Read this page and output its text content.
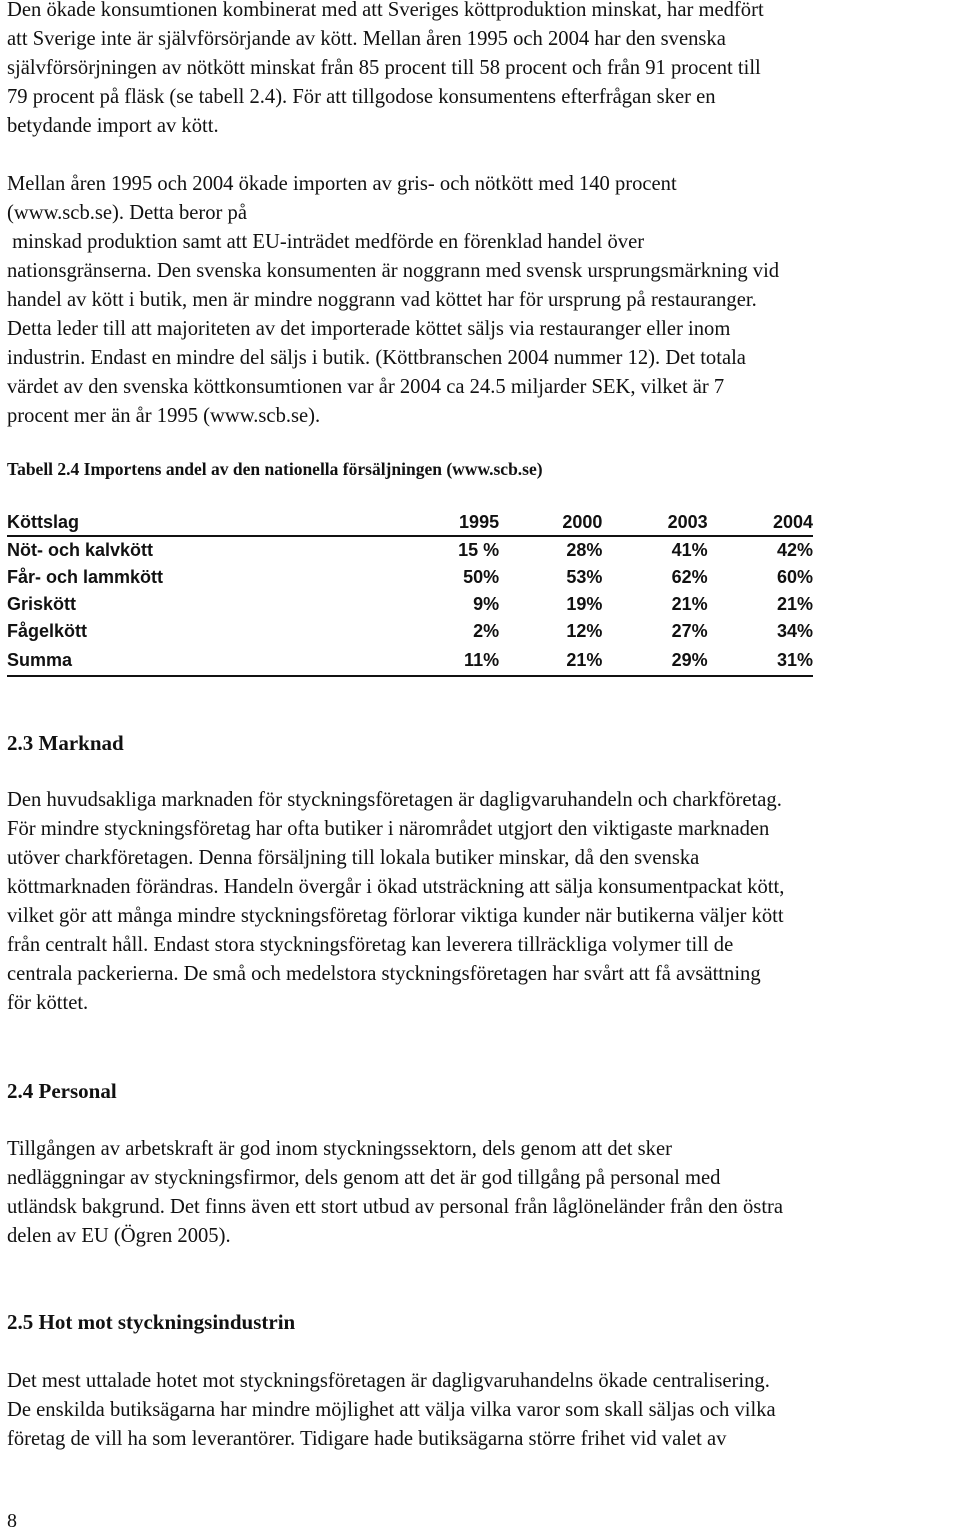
Den ökade konsumtionen kombinerat med att Sveriges köttproduktion minskat, har medfört
att Sverige inte är självförsörjande av kött. Mellan åren 1995 och 2004 har den svenska
självförsörjningen av nötkött minskat från 85 procent till 58 procent och från 91 procent till
79 procent på fläsk (se tabell 2.4). För att tillgodose konsumentens efterfrågan sker en
betydande import av kött.
Mellan åren 1995 och 2004 ökade importen av gris- och nötkött med 140 procent
(www.scb.se). Detta beror på
minskad produktion samt att EU-inträdet medförde en förenklad handel över
nationsgränserna. Den svenska konsumenten är noggrann med svensk ursprungsmärkning vid
handel av kött i butik, men är mindre noggrann vad köttet har för ursprung på restauranger.
Detta leder till att majoriteten av det importerade köttet säljs via restauranger eller inom
industrin. Endast en mindre del säljs i butik. (Köttbranschen 2004 nummer 12). Det totala
värdet av den svenska köttkonsumtionen var år 2004 ca 24.5 miljarder SEK, vilket är 7
procent mer än år 1995 (www.scb.se).
Tabell 2.4 Importens andel av den nationella försäljningen (www.scb.se)
Köttslag	1995	2000	2003	2004
Nöt- och kalvkött	15 %	28%	41%	42%
Får- och lammkött	50%	53%	62%	60%
Griskött	9%	19%	21%	21%
Fågelkött	2%	12%	27%	34%
Summa	11%	21%	29%	31%
2.3 Marknad
Den huvudsakliga marknaden för styckningsföretagen är dagligvaruhandeln och charkföretag.
För mindre styckningsföretag har ofta butiker i närområdet utgjort den viktigaste marknaden
utöver charkföretagen. Denna försäljning till lokala butiker minskar, då den svenska
köttmarknaden förändras. Handeln övergår i ökad utsträckning att sälja konsumentpackat kött,
vilket gör att många mindre styckningsföretag förlorar viktiga kunder när butikerna väljer kött
från centralt håll. Endast stora styckningsföretag kan leverera tillräckliga volymer till de
centrala packerierna. De små och medelstora styckningsföretagen har svårt att få avsättning
för köttet.
2.4 Personal
Tillgången av arbetskraft är god inom styckningssektorn, dels genom att det sker
nedläggningar av styckningsfirmor, dels genom att det är god tillgång på personal med
utländsk bakgrund. Det finns även ett stort utbud av personal från låglöneländer från den östra
delen av EU (Ögren 2005).
2.5 Hot mot styckningsindustrin
Det mest uttalade hotet mot styckningsföretagen är dagligvaruhandelns ökade centralisering.
De enskilda butiksägarna har mindre möjlighet att välja vilka varor som skall säljas och vilka
företag de vill ha som leverantörer. Tidigare hade butiksägarna större frihet vid valet av
8
